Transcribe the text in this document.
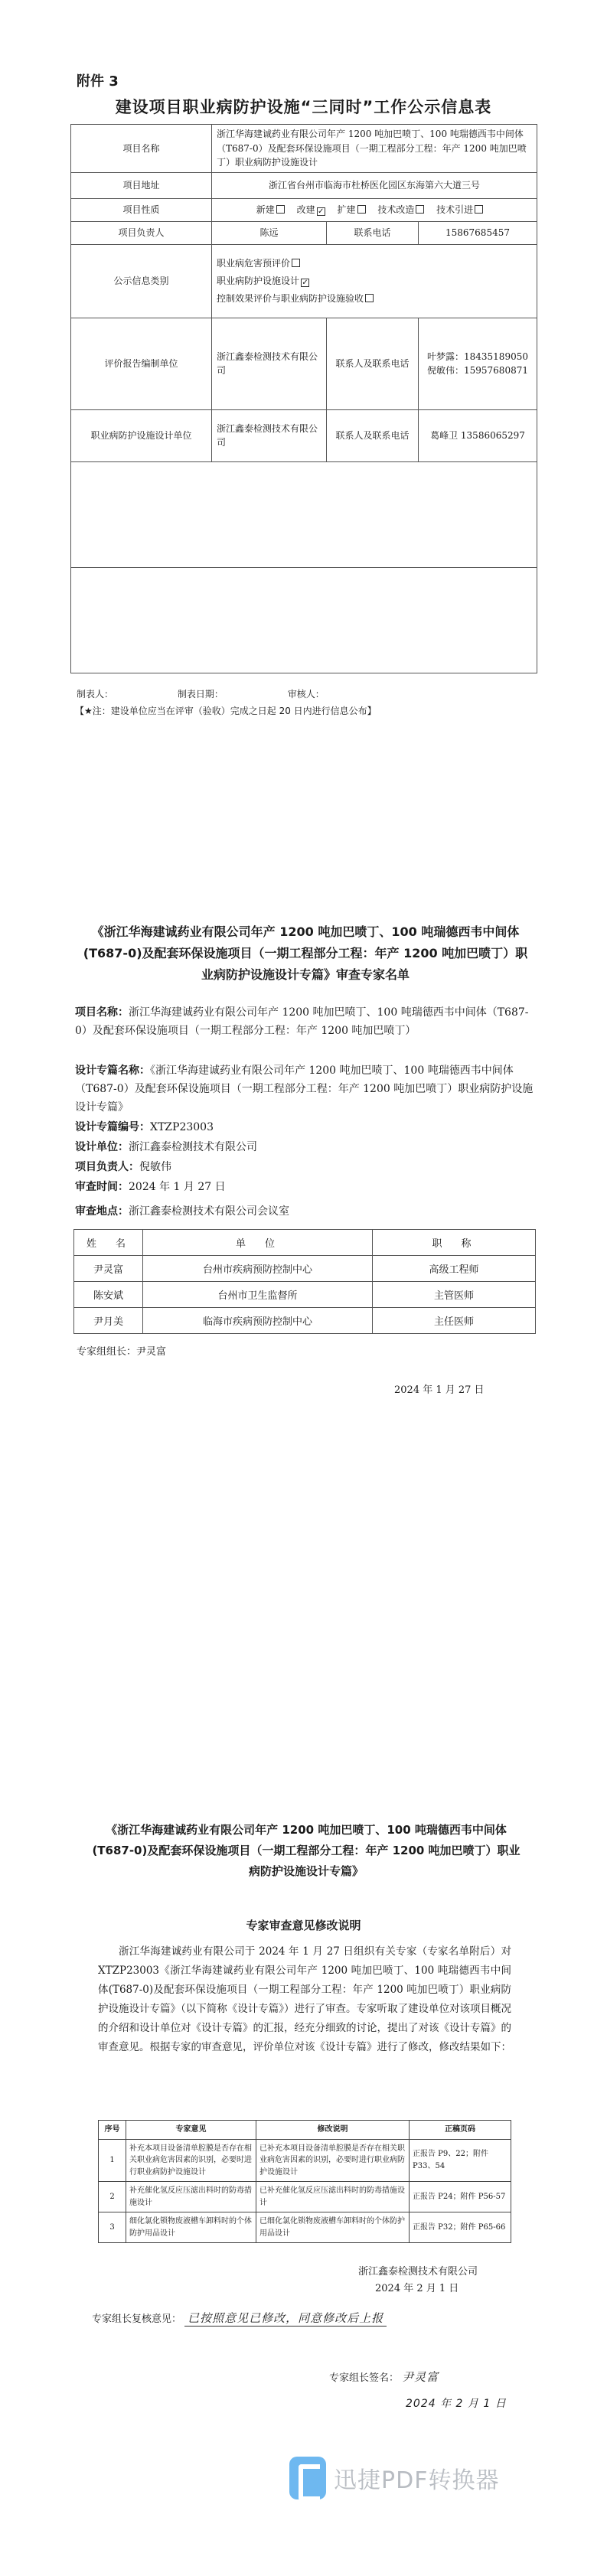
附件 3
建设项目职业病防护设施“三同时”工作公示信息表
项目名称	浙江华海建诚药业有限公司年产 1200 吨加巴喷丁、100 吨瑞德西韦中间体（T687-0）及配套环保设施项目（一期工程部分工程：年产 1200 吨加巴喷丁）职业病防护设施设计		
项目地址	浙江省台州市临海市杜桥医化园区东海第六大道三号		
项目性质	新建 改建 ✓ 扩建 技术改造 技术引进
项目负责人	陈远	联系电话	15867685457
公示信息类别	职业病危害预评价
职业病防护设施设计✓
控制效果评价与职业病防护设施验收

评价报告编制单位	浙江鑫泰检测技术有限公司	联系人及联系电话	叶梦露：18435189050 倪敏伟：15957680871
职业病防护设施设计单位	浙江鑫泰检测技术有限公司	联系人及联系电话	葛峰卫 13586065297

制表人：	制表日期：	审核人：
【★注：建设单位应当在评审（验收）完成之日起 20 日内进行信息公布】
《浙江华海建诚药业有限公司年产 1200 吨加巴喷丁、100 吨瑞德西韦中间体(T687-0)及配套环保设施项目（一期工程部分工程：年产 1200 吨加巴喷丁）职业病防护设施设计专篇》审查专家名单
项目名称：浙江华海建诚药业有限公司年产 1200 吨加巴喷丁、100 吨瑞德西韦中间体（T687-0）及配套环保设施项目（一期工程部分工程：年产 1200 吨加巴喷丁）
设计专篇名称：《浙江华海建诚药业有限公司年产 1200 吨加巴喷丁、100 吨瑞德西韦中间体（T687-0）及配套环保设施项目（一期工程部分工程：年产 1200 吨加巴喷丁）职业病防护设施设计专篇》
设计专篇编号：XTZP23003
设计单位：浙江鑫泰检测技术有限公司
项目负责人：倪敏伟
审查时间：2024 年 1 月 27 日
审查地点：浙江鑫泰检测技术有限公司会议室
姓　名	单　位	职　称
尹灵富	台州市疾病预防控制中心	高级工程师
陈安斌	台州市卫生监督所	主管医师
尹月美	临海市疾病预防控制中心	主任医师
专家组组长：尹灵富
2024 年 1 月 27 日
《浙江华海建诚药业有限公司年产 1200 吨加巴喷丁、100 吨瑞德西韦中间体(T687-0)及配套环保设施项目（一期工程部分工程：年产 1200 吨加巴喷丁）职业病防护设施设计专篇》
专家审查意见修改说明
浙江华海建诚药业有限公司于 2024 年 1 月 27 日组织有关专家（专家名单附后）对 XTZP23003《浙江华海建诚药业有限公司年产 1200 吨加巴喷丁、100 吨瑞德西韦中间体(T687-0)及配套环保设施项目（一期工程部分工程：年产 1200 吨加巴喷丁）职业病防护设施设计专篇》（以下简称《设计专篇》）进行了审查。专家听取了建设单位对该项目概况的介绍和设计单位对《设计专篇》的汇报，经充分细致的讨论，提出了对该《设计专篇》的审查意见。根据专家的审查意见，评价单位对该《设计专篇》进行了修改，修改结果如下：
序号	专家意见	修改说明	正稿页码
1	补充本项目设备清单腔膜是否存在相关职业病危害因素的识别，必要时进行职业病防护设施设计	已补充本项目设备清单腔膜是否存在相关职业病危害因素的识别，必要时进行职业病防护设施设计	正报告 P9、22；附件 P33、54
2	补充催化氢反应压滤出料时的防毒措施设计	已补充催化氢反应压滤出料时的防毒措施设计	正报告 P24；附件 P56-57
3	细化氯化锁物废液槽车卸料时的个体防护用品设计	已细化氯化锁物废液槽车卸料时的个体防护用品设计	正报告 P32；附件 P65-66
浙江鑫泰检测技术有限公司
2024 年 2 月 1 日
专家组长复核意见： 已按照意见已修改，同意修改后上报
专家组长签名： 尹灵富
2024 年 2 月 1 日
迅捷PDF转换器
